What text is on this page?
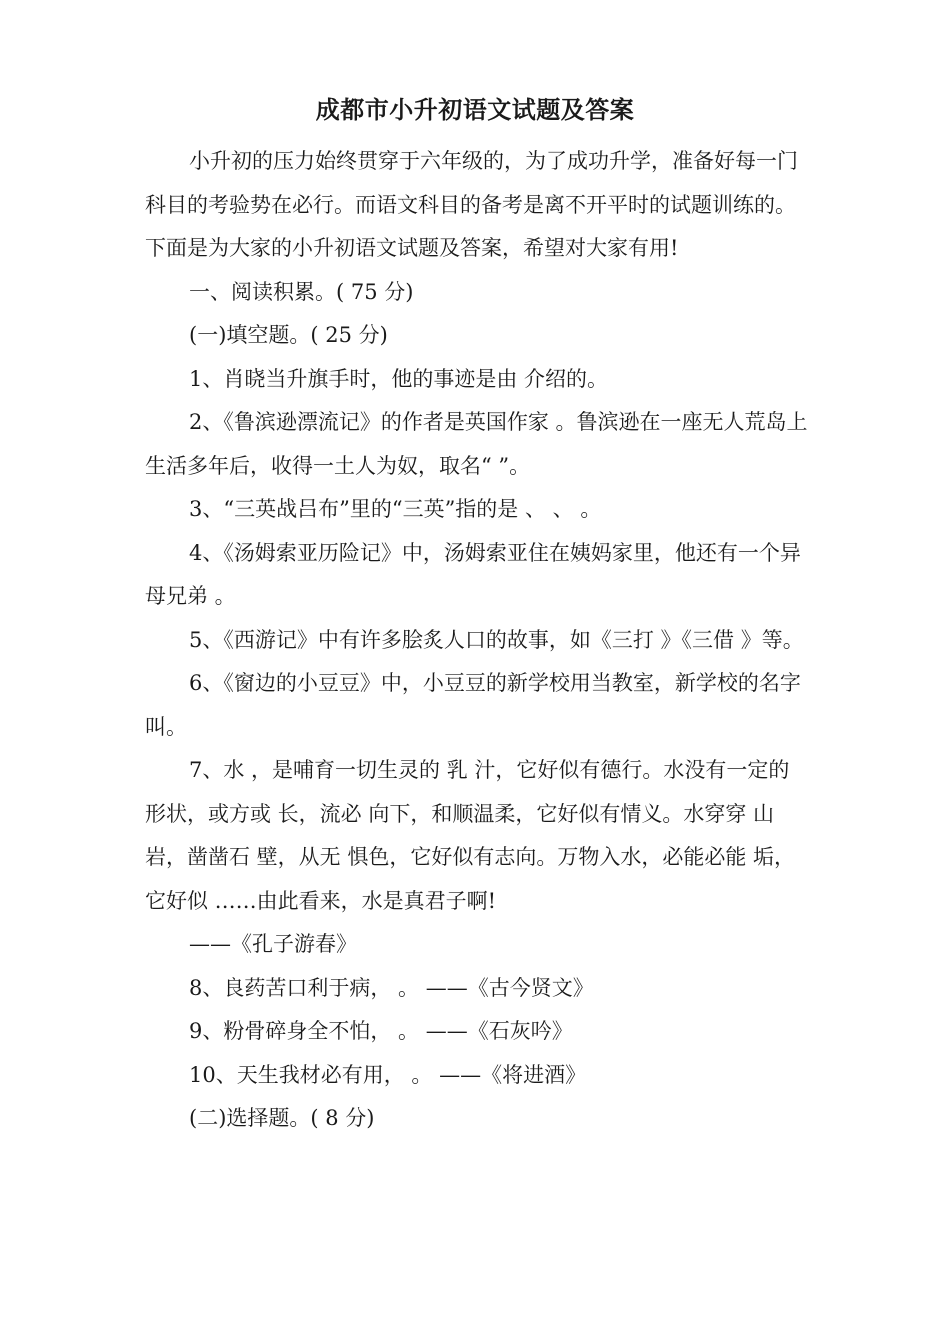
成都市小升初语文试题及答案

小升初的压力始终贯穿于六年级的，为了成功升学，准备好每一门科目的考验势在必行。而语文科目的备考是离不开平时的试题训练的。下面是为大家的小升初语文试题及答案，希望对大家有用!

一、阅读积累。( 75 分)

(一)填空题。( 25 分)

1、肖晓当升旗手时，他的事迹是由 介绍的。

2、《鲁滨逊漂流记》的作者是英国作家 。鲁滨逊在一座无人荒岛上生活多年后，收得一土人为奴，取名“ ”。

3、“三英战吕布”里的“三英”指的是 、 、 。

4、《汤姆索亚历险记》中，汤姆索亚住在姨妈家里，他还有一个异母兄弟 。

5、《西游记》中有许多脍炙人口的故事，如《三打 》《三借 》等。

6、《窗边的小豆豆》中，小豆豆的新学校用当教室，新学校的名字叫。

7、水 ，是哺育一切生灵的 乳 汁，它好似有德行。水没有一定的形状，或方或 长，流必 向下，和顺温柔，它好似有情义。水穿穿 山岩，凿凿石 壁，从无 惧色，它好似有志向。万物入水，必能必能 垢，它好似 ……由此看来，水是真君子啊!

——《孔子游春》

8、良药苦口利于病， 。 ——《古今贤文》

9、粉骨碎身全不怕， 。 ——《石灰吟》

10、天生我材必有用， 。 ——《将进酒》

(二)选择题。( 8 分)
